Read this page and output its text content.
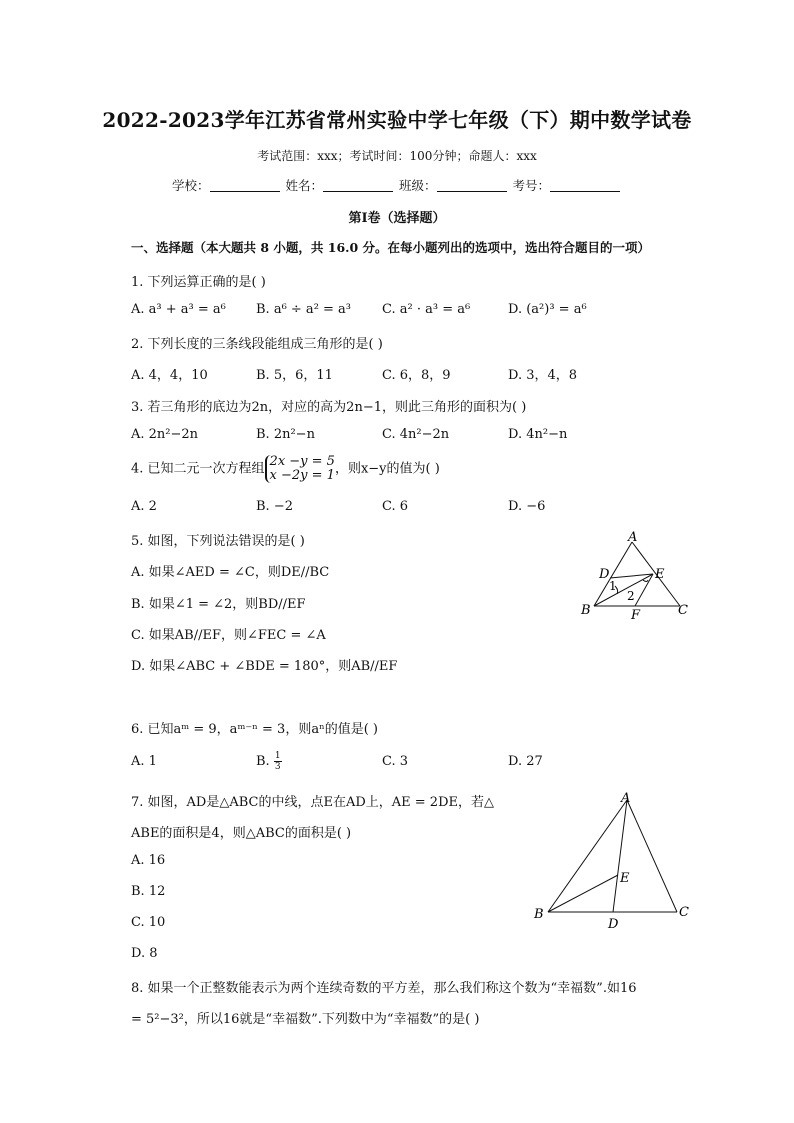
2022-2023学年江苏省常州实验中学七年级（下）期中数学试卷
考试范围：xxx；考试时间：100分钟；命题人：xxx
学校：	姓名：	班级：	考号：
第Ⅰ卷（选择题）
一、选择题（本大题共 8 小题，共 16.0 分。在每小题列出的选项中，选出符合题目的一项）
1. 下列运算正确的是( )
A. a³ + a³ = a⁶ B. a⁶ ÷ a² = a³ C. a² · a³ = a⁶	D. (a²)³ = a⁶
2. 下列长度的三条线段能组成三角形的是( )
A. 4，4，10	B. 5，6，11	C. 6，8，9	D. 3，4，8
3. 若三角形的底边为2n，对应的高为2n−1，则此三角形的面积为( )
A. 2n²−2n	B. 2n²−n	C. 4n²−2n	D. 4n²−n
4. 已知二元一次方程组 2x −y = 5
x −2y = 1，则x−y的值为( )
A. 2	B. −2	C. 6	D. −6
5. 如图，下列说法错误的是( )
A. 如果∠AED = ∠C，则DE//BC
B. 如果∠1 = ∠2，则BD//EF
C. 如果AB//EF，则∠FEC = ∠A
D. 如果∠ABC + ∠BDE = 180°，则AB//EF
A
D	E
1
2
B	F	C
6. 已知aᵐ = 9，aᵐ⁻ⁿ = 3，则aⁿ的值是( )
A. 1	B. $\frac{1}{3}$	C. 3	D. 27
7. 如图，AD是△ABC的中线，点E在AD上，AE = 2DE，若△
ABE的面积是4，则△ABC的面积是( )
A. 16
B. 12
C. 10
D. 8
A
E
B
D
C
8. 如果一个正整数能表示为两个连续奇数的平方差，那么我们称这个数为“幸福数”.如16
= 5²−3²，所以16就是“幸福数”.下列数中为“幸福数”的是( )
